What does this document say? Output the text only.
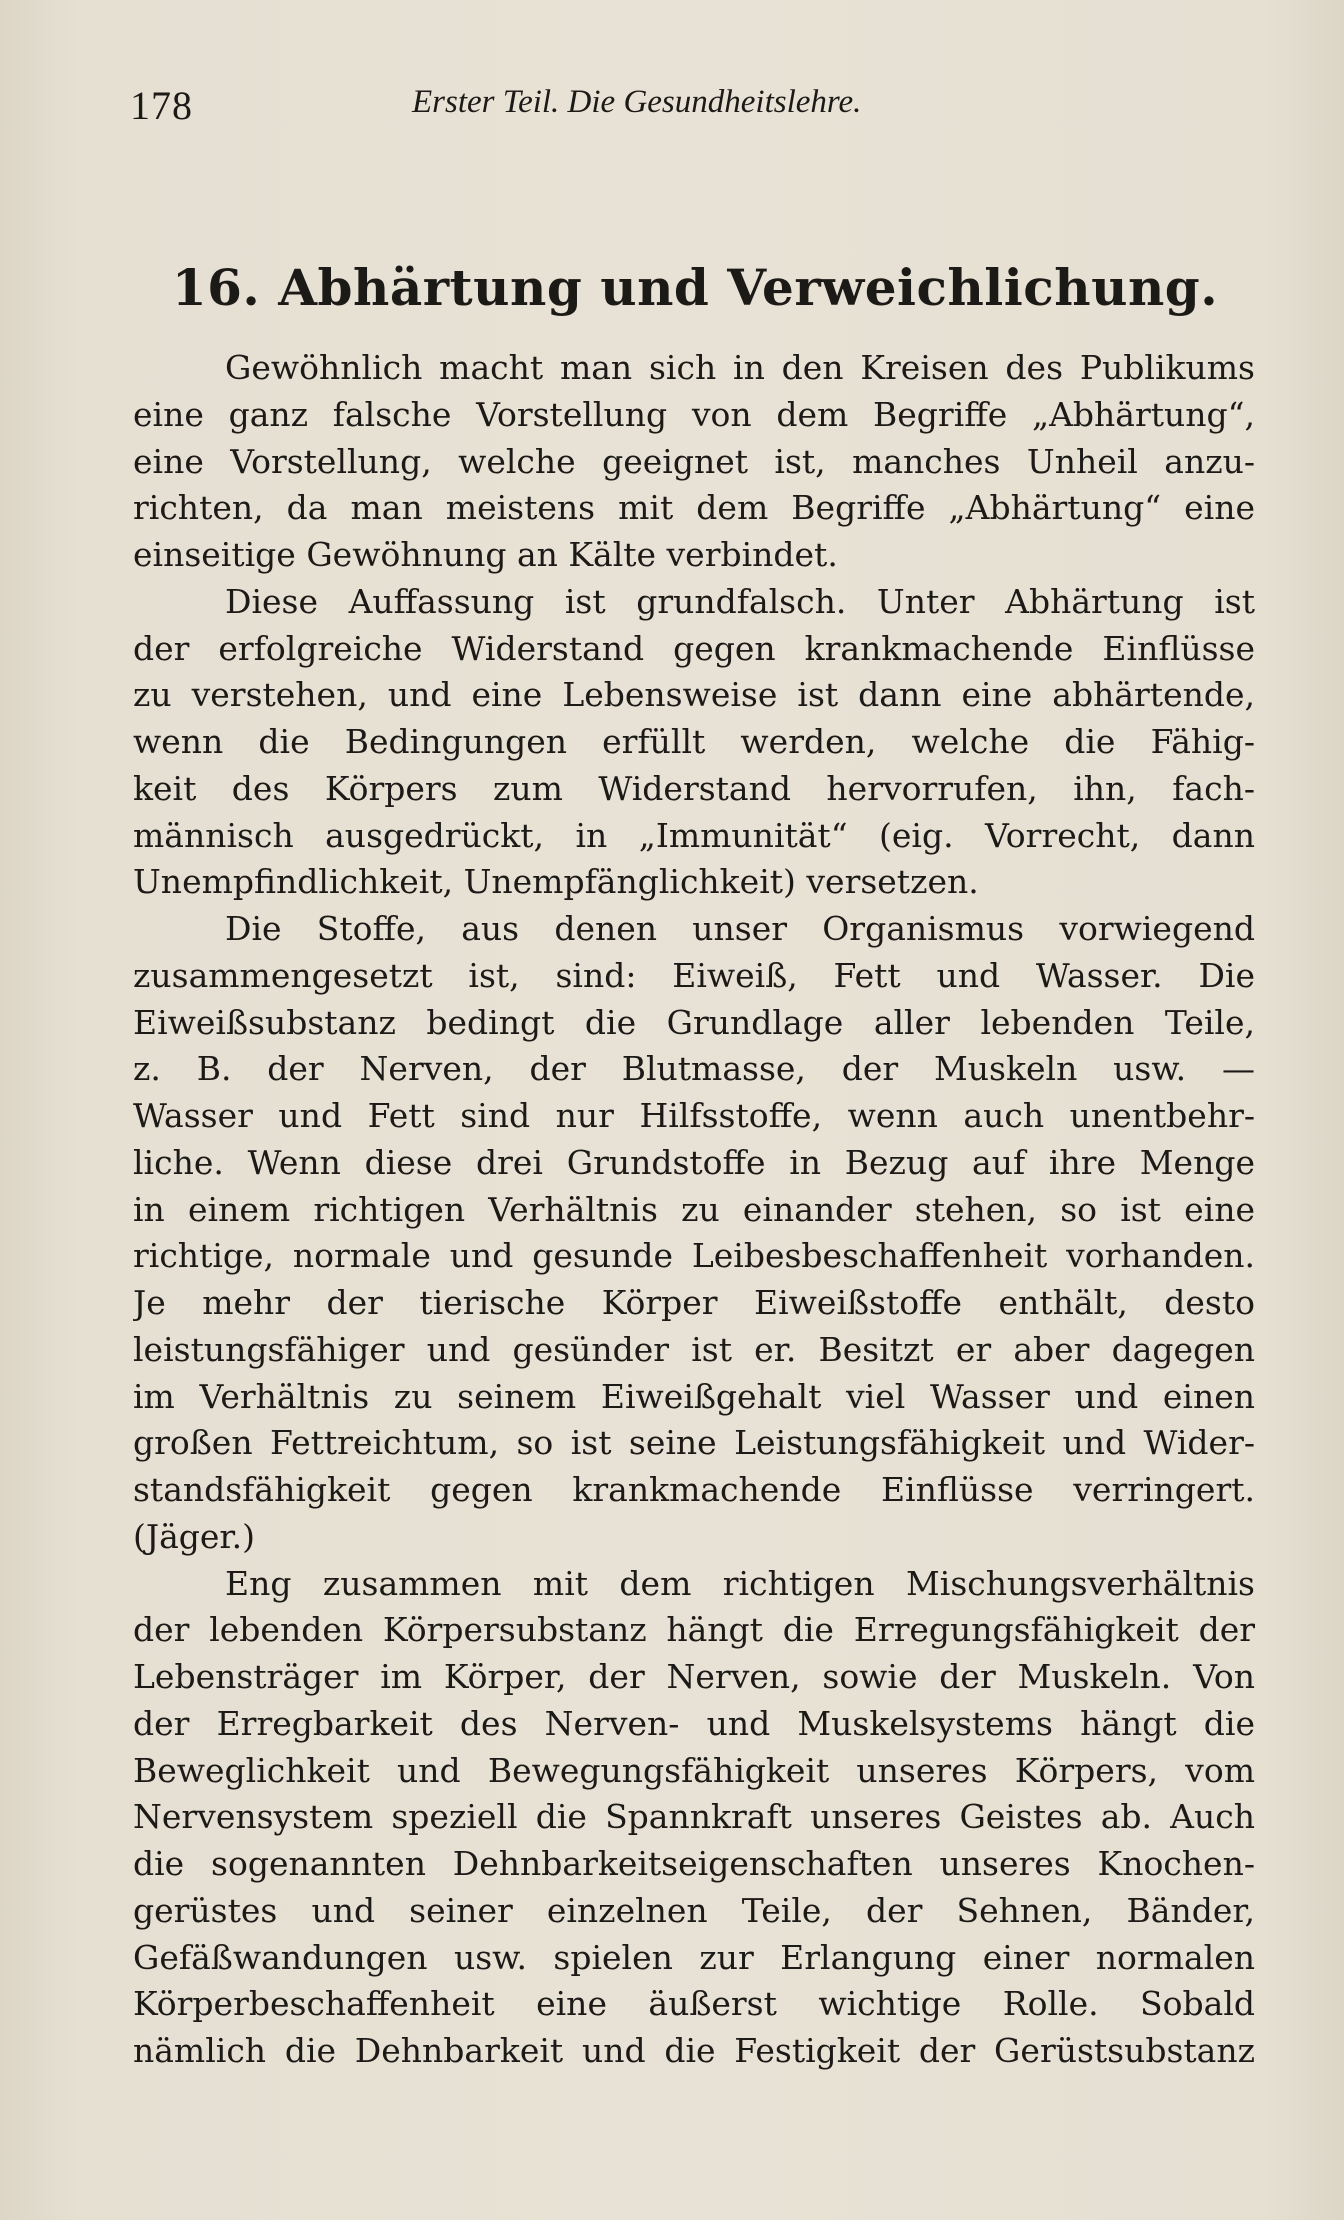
178	Erster Teil. Die Gesundheitslehre.
16. Abhärtung und Verweichlichung.
Gewöhnlich macht man sich in den Kreisen des Publikums
eine ganz falsche Vorstellung von dem Begriffe „Abhärtung“,
eine Vorstellung, welche geeignet ist, manches Unheil anzu-
richten, da man meistens mit dem Begriffe „Abhärtung“ eine
einseitige Gewöhnung an Kälte verbindet.
Diese Auffassung ist grundfalsch. Unter Abhärtung ist
der erfolgreiche Widerstand gegen krankmachende Einflüsse
zu verstehen, und eine Lebensweise ist dann eine abhärtende,
wenn die Bedingungen erfüllt werden, welche die Fähig-
keit des Körpers zum Widerstand hervorrufen, ihn, fach-
männisch ausgedrückt, in „Immunität“ (eig. Vorrecht, dann
Unempfindlichkeit, Unempfänglichkeit) versetzen.
Die Stoffe, aus denen unser Organismus vorwiegend
zusammengesetzt ist, sind: Eiweiß, Fett und Wasser. Die
Eiweißsubstanz bedingt die Grundlage aller lebenden Teile,
z. B. der Nerven, der Blutmasse, der Muskeln usw. —
Wasser und Fett sind nur Hilfsstoffe, wenn auch unentbehr-
liche. Wenn diese drei Grundstoffe in Bezug auf ihre Menge
in einem richtigen Verhältnis zu einander stehen, so ist eine
richtige, normale und gesunde Leibesbeschaffenheit vorhanden.
Je mehr der tierische Körper Eiweißstoffe enthält, desto
leistungsfähiger und gesünder ist er. Besitzt er aber dagegen
im Verhältnis zu seinem Eiweißgehalt viel Wasser und einen
großen Fettreichtum, so ist seine Leistungsfähigkeit und Wider-
standsfähigkeit gegen krankmachende Einflüsse verringert.
(Jäger.)
Eng zusammen mit dem richtigen Mischungsverhältnis
der lebenden Körpersubstanz hängt die Erregungsfähigkeit der
Lebensträger im Körper, der Nerven, sowie der Muskeln. Von
der Erregbarkeit des Nerven- und Muskelsystems hängt die
Beweglichkeit und Bewegungsfähigkeit unseres Körpers, vom
Nervensystem speziell die Spannkraft unseres Geistes ab. Auch
die sogenannten Dehnbarkeitseigenschaften unseres Knochen-
gerüstes und seiner einzelnen Teile, der Sehnen, Bänder,
Gefäßwandungen usw. spielen zur Erlangung einer normalen
Körperbeschaffenheit eine äußerst wichtige Rolle. Sobald
nämlich die Dehnbarkeit und die Festigkeit der Gerüstsubstanz
